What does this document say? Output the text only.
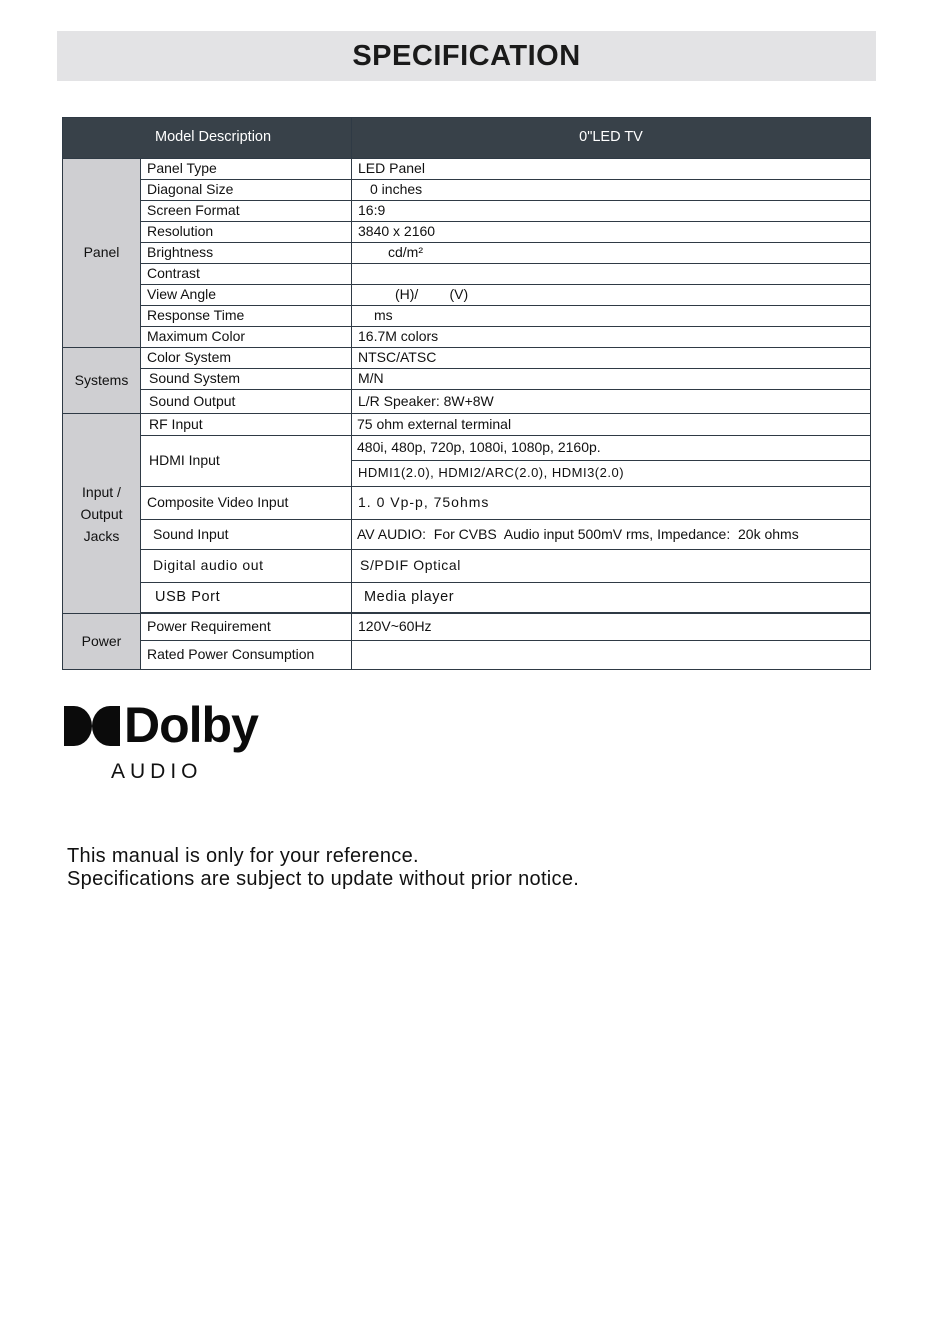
SPECIFICATION
Model Description		0"LED TV
Panel	Panel Type	LED Panel
	Diagonal Size	0 inches
	Screen Format	16:9
	Resolution	3840 x 2160
	Brightness	cd/m²
	Contrast	
	View Angle	(H)/        (V)
	Response Time	ms
	Maximum Color	16.7M colors
Systems	Color System	NTSC/ATSC
	Sound System	M/N
	Sound Output	L/R Speaker: 8W+8W

Input /
Output
Jacks	RF Input	75 ohm external terminal
	HDMI Input	480i, 480p, 720p, 1080i, 1080p, 2160p.
		HDMI1(2.0), HDMI2/ARC(2.0), HDMI3(2.0)
	Composite Video Input	1. 0 Vp-p, 75ohms
	Sound Input	AV AUDIO:  For CVBS  Audio input 500mV rms, Impedance:  20k ohms
	Digital audio out	S/PDIF Optical
	USB Port	Media player

Power	Power Requirement	120V~60Hz
	Rated Power Consumption	
Dolby
AUDIO
This manual is only for your reference.
Specifications are subject to update without prior notice.
